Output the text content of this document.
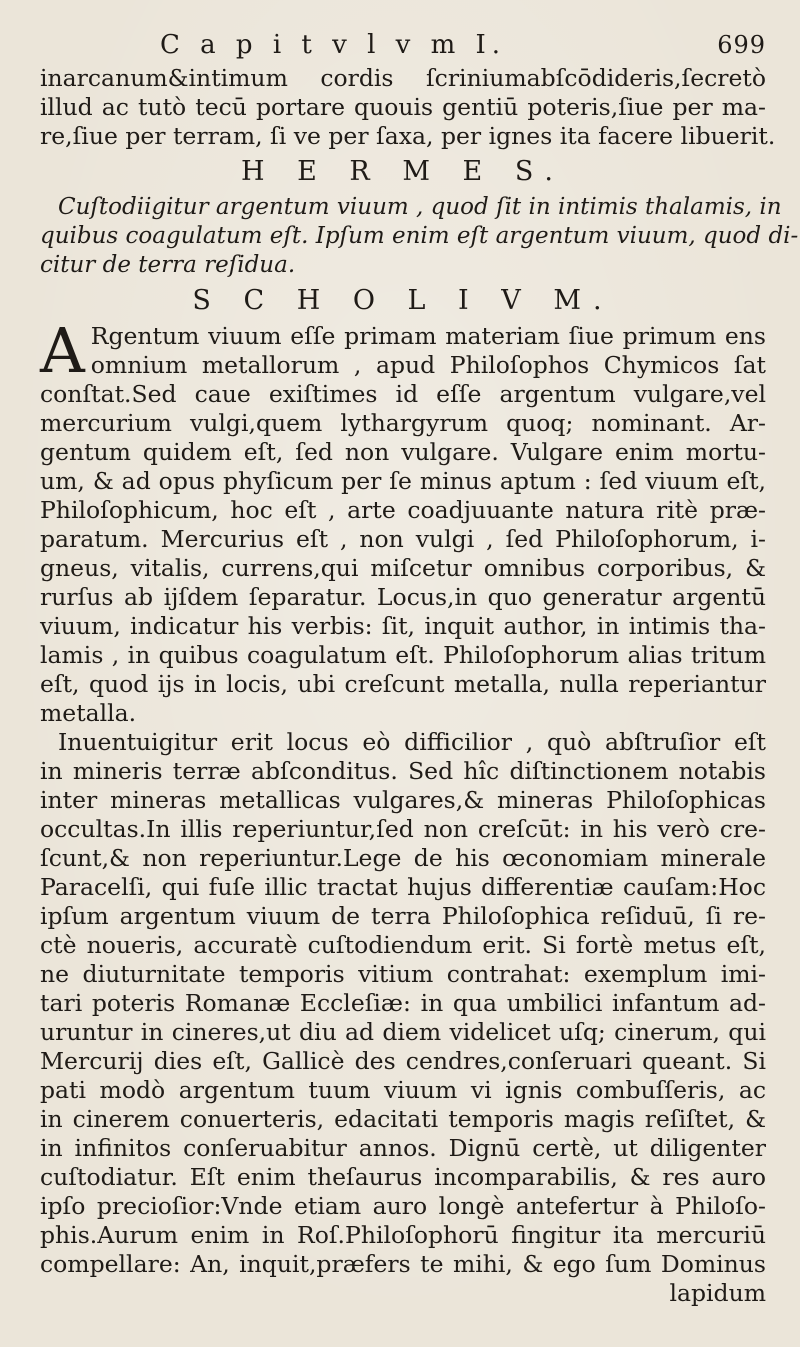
C a p i t v l v m I.	699
inarcanum&intimum cordis ſcriniumabſcōdideris,ſecretò
illud ac tutò tecū portare quouis gentiū poteris,ſiue per ma-
re,ſiue per terram, ſi ve per ſaxa, per ignes ita facere libuerit.
H E R M E S.
Cuſtodiigitur argentum viuum , quod ſit in intimis thalamis, in
quibus coagulatum eſt. Ipſum enim eſt argentum viuum, quod di-
citur de terra reſidua.
S C H O L I V M.
A Rgentum viuum eſſe primam materiam ſiue primum ens
omnium metallorum , apud Philoſophos Chymicos ſat
conſtat.Sed caue exiſtimes id eſſe argentum vulgare,vel
mercurium vulgi,quem lythargyrum quoq; nominant. Ar-
gentum quidem eſt, ſed non vulgare. Vulgare enim mortu-
um, & ad opus phyſicum per ſe minus aptum : ſed viuum eſt,
Philoſophicum, hoc eſt , arte coadjuuante natura ritè præ-
paratum. Mercurius eſt , non vulgi , ſed Philoſophorum, i-
gneus, vitalis, currens,qui miſcetur omnibus corporibus, &
rurſus ab ijſdem ſeparatur. Locus,in quo generatur argentū
viuum, indicatur his verbis: ſit, inquit author, in intimis tha-
lamis , in quibus coagulatum eſt. Philoſophorum alias tritum
eſt, quod ijs in locis, ubi creſcunt metalla, nulla reperiantur
metalla.
Inuentuigitur erit locus eò difficilior , quò abſtruſior eſt
in mineris terræ abſconditus. Sed hîc diſtinctionem notabis
inter mineras metallicas vulgares,& mineras Philoſophicas
occultas.In illis reperiuntur,ſed non creſcūt: in his verò cre-
ſcunt,& non reperiuntur.Lege de his œconomiam minerale
Paracelſi, qui fuſe illic tractat hujus differentiæ cauſam:Hoc
ipſum argentum viuum de terra Philoſophica reſiduū, ſi re-
ctè noueris, accuratè cuſtodiendum erit. Si fortè metus eſt,
ne diuturnitate temporis vitium contrahat: exemplum imi-
tari poteris Romanæ Eccleſiæ: in qua umbilici infantum ad-
uruntur in cineres,ut diu ad diem videlicet uſq; cinerum, qui
Mercurij dies eſt, Gallicè des cendres,conſeruari queant. Si
pati modò argentum tuum viuum vi ignis combuſſeris, ac
in cinerem conuerteris, edacitati temporis magis reſiſtet, &
in infinitos conſeruabitur annos. Dignū certè, ut diligenter
cuſtodiatur. Eſt enim theſaurus incomparabilis, & res auro
ipſo precioſior:Vnde etiam auro longè antefertur à Philoſo-
phis.Aurum enim in Roſ.Philoſophorū fingitur ita mercuriū
compellare: An, inquit,præfers te mihi, & ego ſum Dominus
lapidum
